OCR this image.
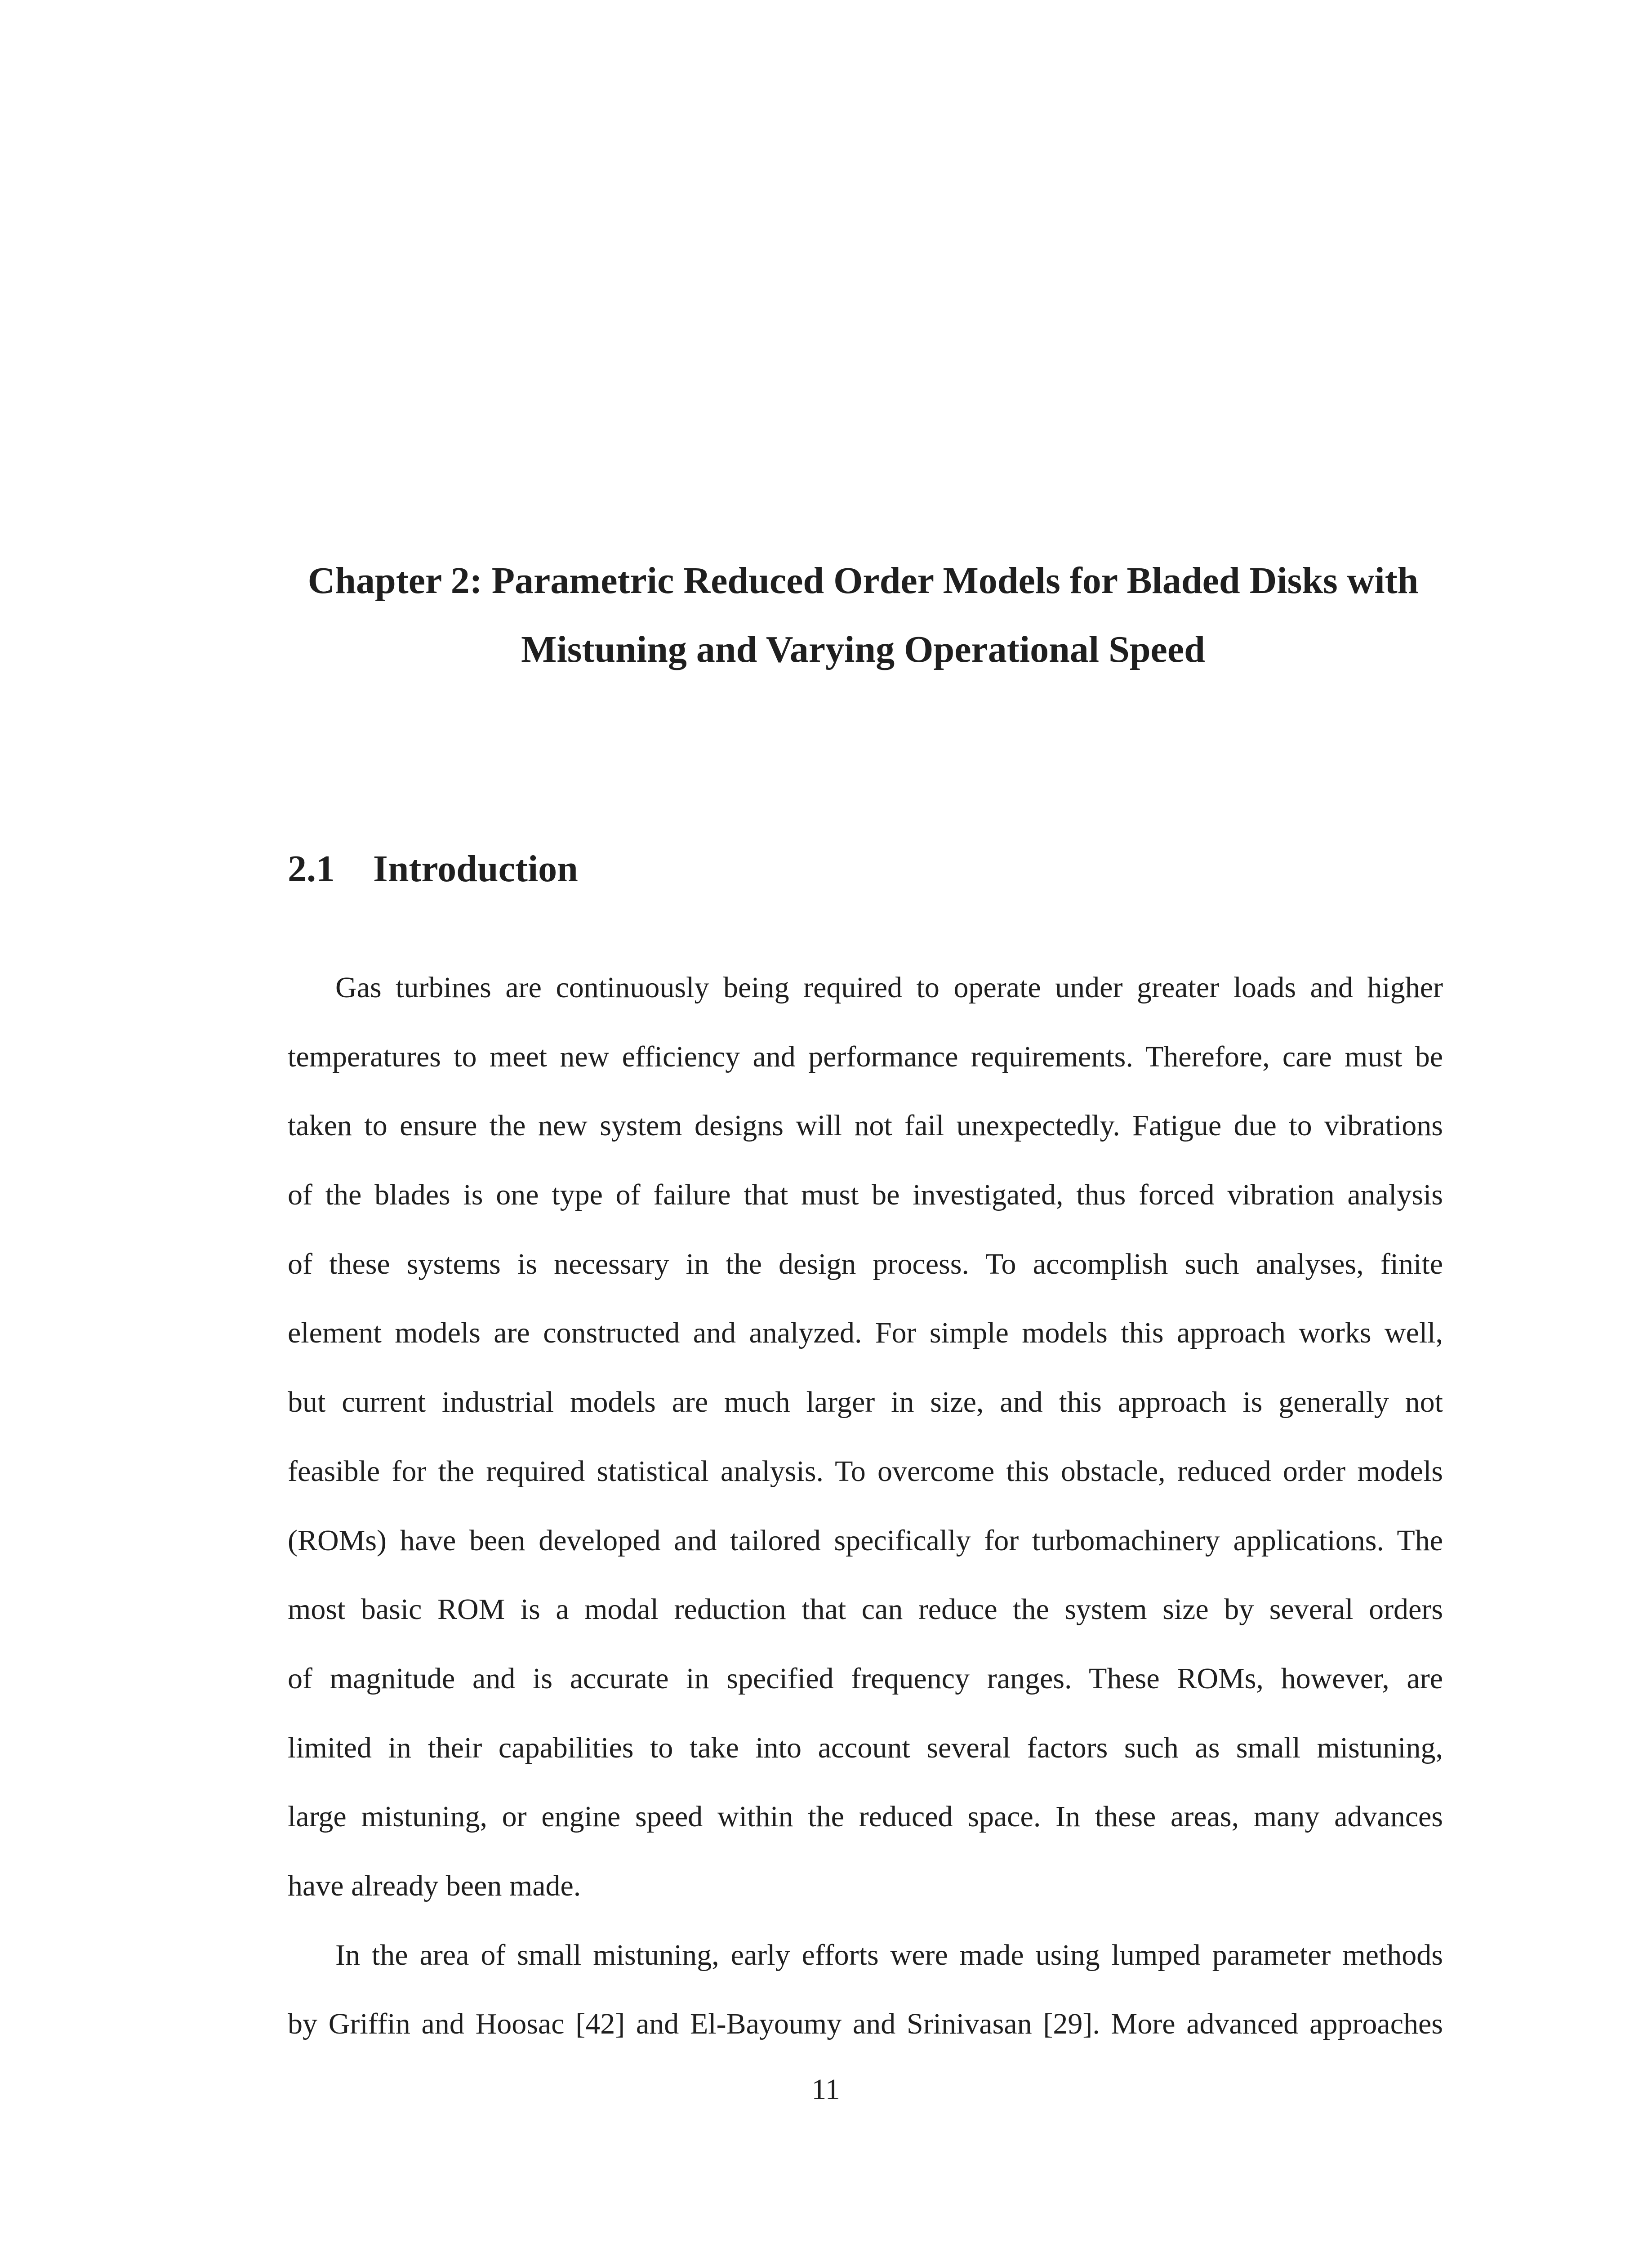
Chapter 2: Parametric Reduced Order Models for Bladed Disks with
Mistuning and Varying Operational Speed
2.1 Introduction
Gas turbines are continuously being required to operate under greater loads and higher
temperatures to meet new efficiency and performance requirements. Therefore, care must be
taken to ensure the new system designs will not fail unexpectedly. Fatigue due to vibrations
of the blades is one type of failure that must be investigated, thus forced vibration analysis
of these systems is necessary in the design process. To accomplish such analyses, finite
element models are constructed and analyzed. For simple models this approach works well,
but current industrial models are much larger in size, and this approach is generally not
feasible for the required statistical analysis. To overcome this obstacle, reduced order models
(ROMs) have been developed and tailored specifically for turbomachinery applications. The
most basic ROM is a modal reduction that can reduce the system size by several orders
of magnitude and is accurate in specified frequency ranges. These ROMs, however, are
limited in their capabilities to take into account several factors such as small mistuning,
large mistuning, or engine speed within the reduced space. In these areas, many advances
have already been made.
In the area of small mistuning, early efforts were made using lumped parameter methods
by Griffin and Hoosac [42] and El-Bayoumy and Srinivasan [29]. More advanced approaches
11
